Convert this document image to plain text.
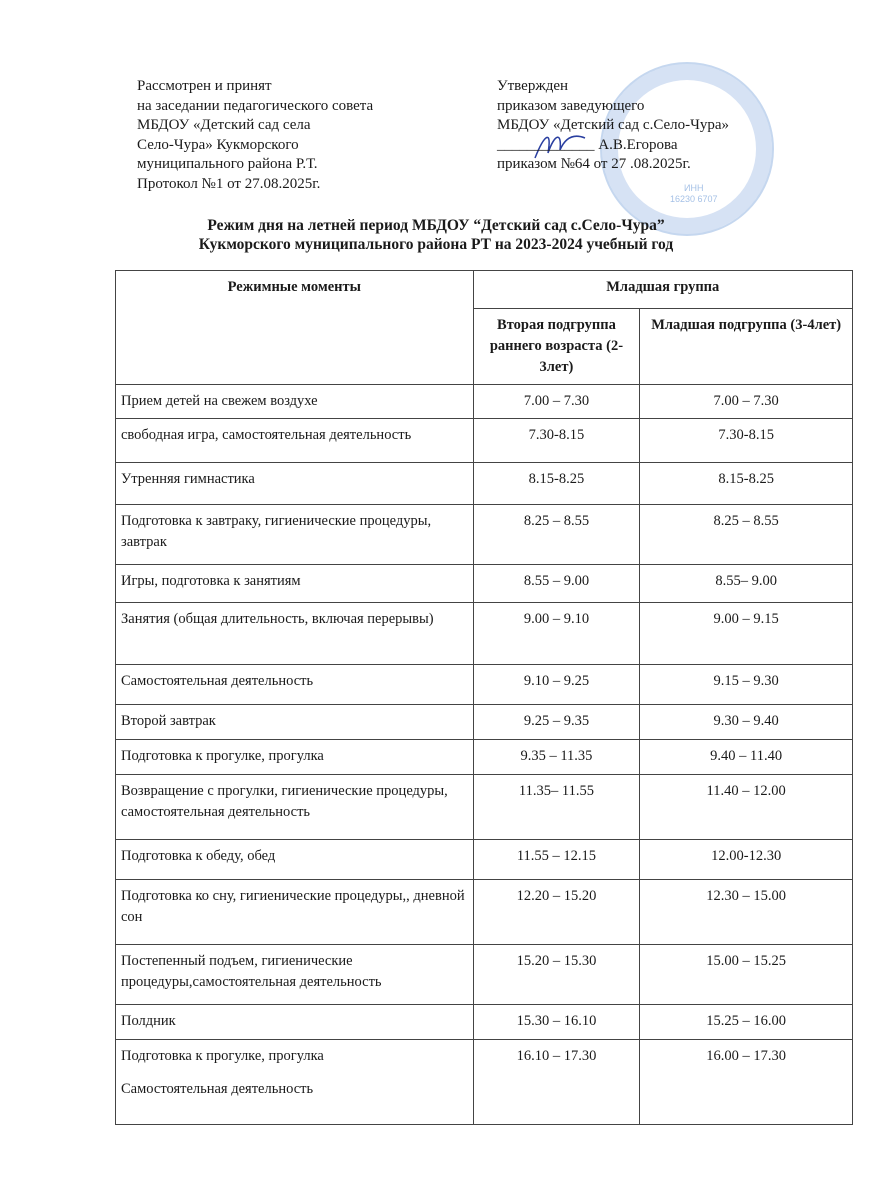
ИНН
16230 6707
Рассмотрен и принят
на заседании педагогического совета
МБДОУ «Детский сад села
Село-Чура» Кукморского
муниципального района Р.Т.
Протокол №1 от 27.08.2025г.
Утвержден
приказом заведующего
МБДОУ «Детский сад с.Село-Чура»
_____________ А.В.Егорова
приказом №64 от 27 .08.2025г.
Режим дня на летней период МБДОУ “Детский сад с.Село-Чура”
Кукморского муниципального района РТ на 2023-2024 учебный год
Режимные моменты	Младшая группа	
	Вторая подгруппа раннего возраста (2-3лет)	Младшая подгруппа (3-4лет)

Прием детей на свежем воздухе	7.00 – 7.30	7.00 – 7.30

свободная игра, самостоятельная деятельность	7.30-8.15	7.30-8.15

Утренняя гимнастика	8.15-8.25	8.15-8.25

Подготовка к завтраку, гигиенические процедуры, завтрак	8.25 – 8.55	8.25 – 8.55

Игры, подготовка к занятиям	8.55 – 9.00	8.55– 9.00

Занятия (общая длительность, включая перерывы)	9.00 – 9.10	9.00 – 9.15

Самостоятельная деятельность	9.10 – 9.25	9.15 – 9.30

Второй завтрак	9.25 – 9.35	9.30 – 9.40

Подготовка к прогулке, прогулка	9.35 – 11.35	9.40 – 11.40

Возвращение с прогулки, гигиенические процедуры, самостоятельная деятельность	11.35– 11.55	11.40 – 12.00

Подготовка к обеду, обед	11.55 – 12.15	12.00-12.30

Подготовка ко сну, гигиенические процедуры,, дневной сон	12.20 – 15.20	12.30 – 15.00

Постепенный подъем, гигиенические процедуры,самостоятельная деятельность	15.20 – 15.30	15.00 – 15.25

Полдник	15.30 – 16.10	15.25 – 16.00

Подготовка к прогулке, прогулка
Самостоятельная деятельность	16.10 – 17.30	16.00 – 17.30
